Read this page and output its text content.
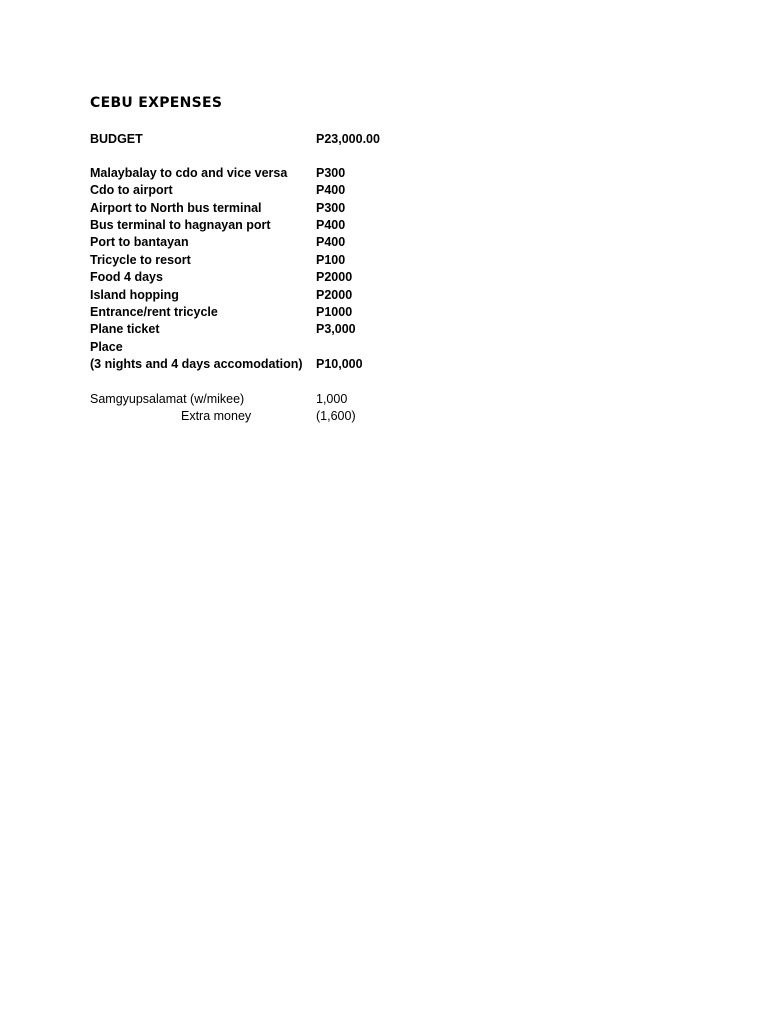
CEBU EXPENSES
BUDGET	P23,000.00
Malaybalay to cdo and vice versa P300
Cdo to airport	P400
Airport to North bus terminal	P300
Bus terminal to hagnayan port	P400
Port to bantayan	P400
Tricycle to resort	P100
Food 4 days	P2000
Island hopping	P2000
Entrance/rent tricycle	P1000
Plane ticket	P3,000
Place
(3 nights and 4 days accomodation) P10,000
Samgyupsalamat (w/mikee)	1,000
Extra money	(1,600)
